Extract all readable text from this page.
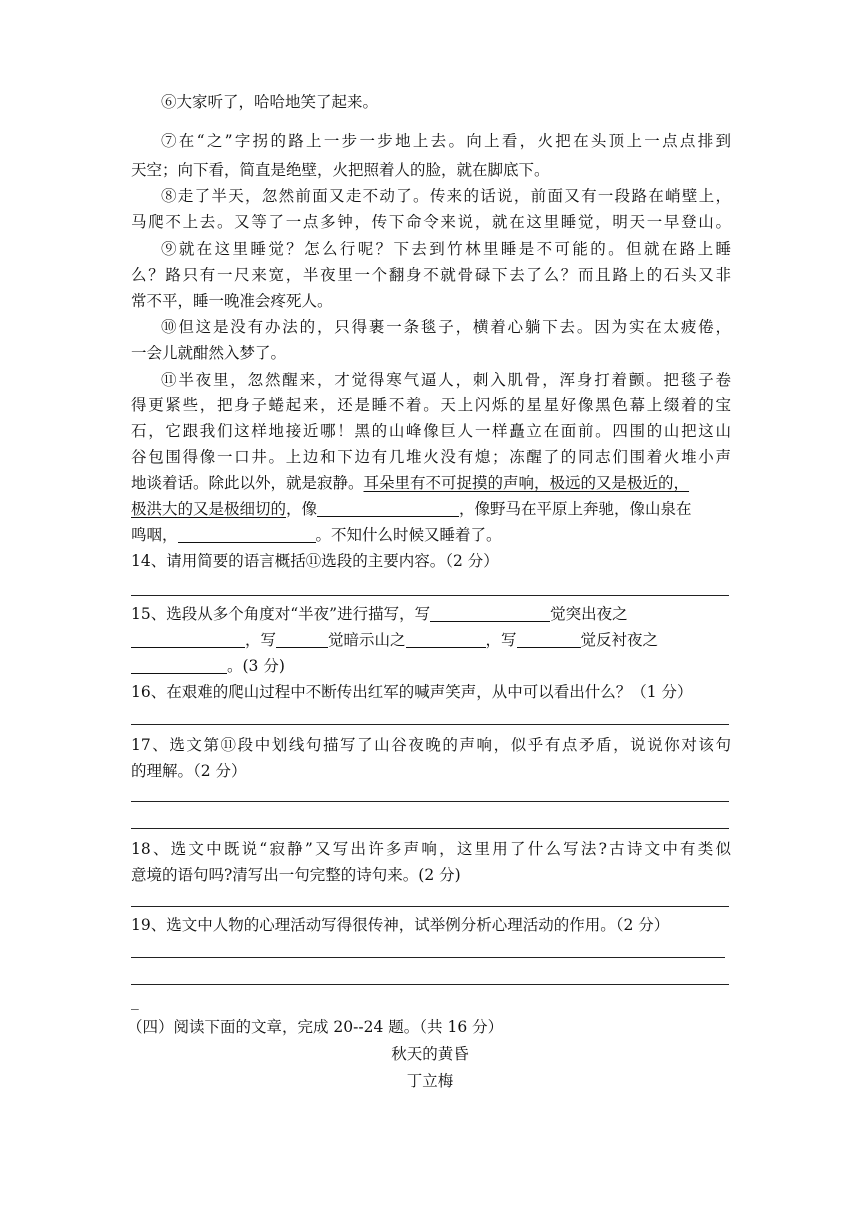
⑥大家听了，哈哈地笑了起来。
⑦在“之”字拐的路上一步一步地上去。向上看，火把在头顶上一点点排到
天空；向下看，简直是绝壁，火把照着人的脸，就在脚底下。
⑧走了半天，忽然前面又走不动了。传来的话说，前面又有一段路在峭壁上，
马爬不上去。又等了一点多钟，传下命令来说，就在这里睡觉，明天一早登山。
⑨就在这里睡觉？怎么行呢？下去到竹林里睡是不可能的。但就在路上睡
么？路只有一尺来宽，半夜里一个翻身不就骨碌下去了么？而且路上的石头又非
常不平，睡一晚准会疼死人。
⑩但这是没有办法的，只得裹一条毯子，横着心躺下去。因为实在太疲倦，
一会儿就酣然入梦了。
⑪半夜里，忽然醒来，才觉得寒气逼人，刺入肌骨，浑身打着颤。把毯子卷
得更紧些，把身子蜷起来，还是睡不着。天上闪烁的星星好像黑色幕上缀着的宝
石，它跟我们这样地接近哪！黑的山峰像巨人一样矗立在面前。四围的山把这山
谷包围得像一口井。上边和下边有几堆火没有熄；冻醒了的同志们围着火堆小声
地谈着话。除此以外，就是寂静。耳朵里有不可捉摸的声响，极远的又是极近的，
极洪大的又是极细切的，像	，像野马在平原上奔驰，像山泉在
鸣咽，	。不知什么时候又睡着了。
14、请用简要的语言概括⑪选段的主要内容。（2 分）
15、选段从多个角度对“半夜”进行描写，写	觉突出夜之
，写	觉暗示山之	，写	觉反衬夜之
。(3 分)
16、在艰难的爬山过程中不断传出红军的喊声笑声，从中可以看出什么？（1 分）
17、选文第⑪段中划线句描写了山谷夜晚的声响，似乎有点矛盾，说说你对该句
的理解。（2 分）
18、选文中既说“寂静”又写出许多声响，这里用了什么写法?古诗文中有类似
意境的语句吗?清写出一句完整的诗句来。(2 分)
19、选文中人物的心理活动写得很传神，试举例分析心理活动的作用。（2 分）
_
（四）阅读下面的文章，完成 20--24 题。（共 16 分）
秋天的黄昏
丁立梅
